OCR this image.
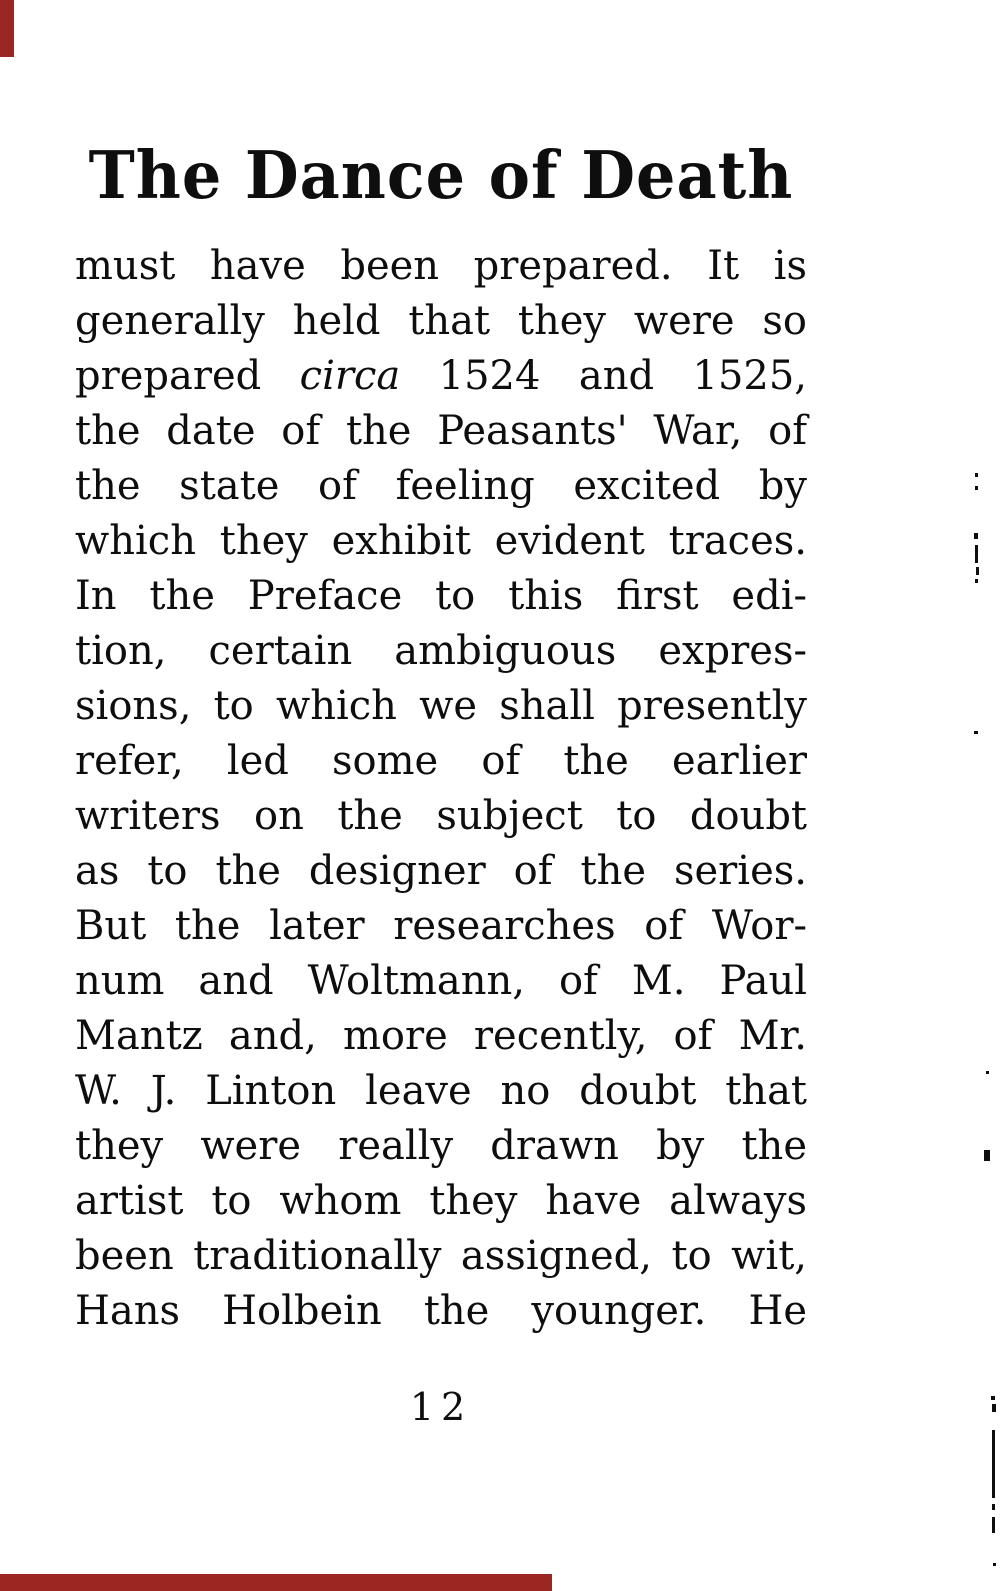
The Dance of Death
must have been prepared. It is
generally held that they were so
prepared circa 1524 and 1525,
the date of the Peasants' War, of
the state of feeling excited by
which they exhibit evident traces.
In the Preface to this first edi-
tion, certain ambiguous expres-
sions, to which we shall presently
refer, led some of the earlier
writers on the subject to doubt
as to the designer of the series.
But the later researches of Wor-
num and Woltmann, of M. Paul
Mantz and, more recently, of Mr.
W. J. Linton leave no doubt that
they were really drawn by the
artist to whom they have always
been traditionally assigned, to wit,
Hans Holbein the younger. He
12
